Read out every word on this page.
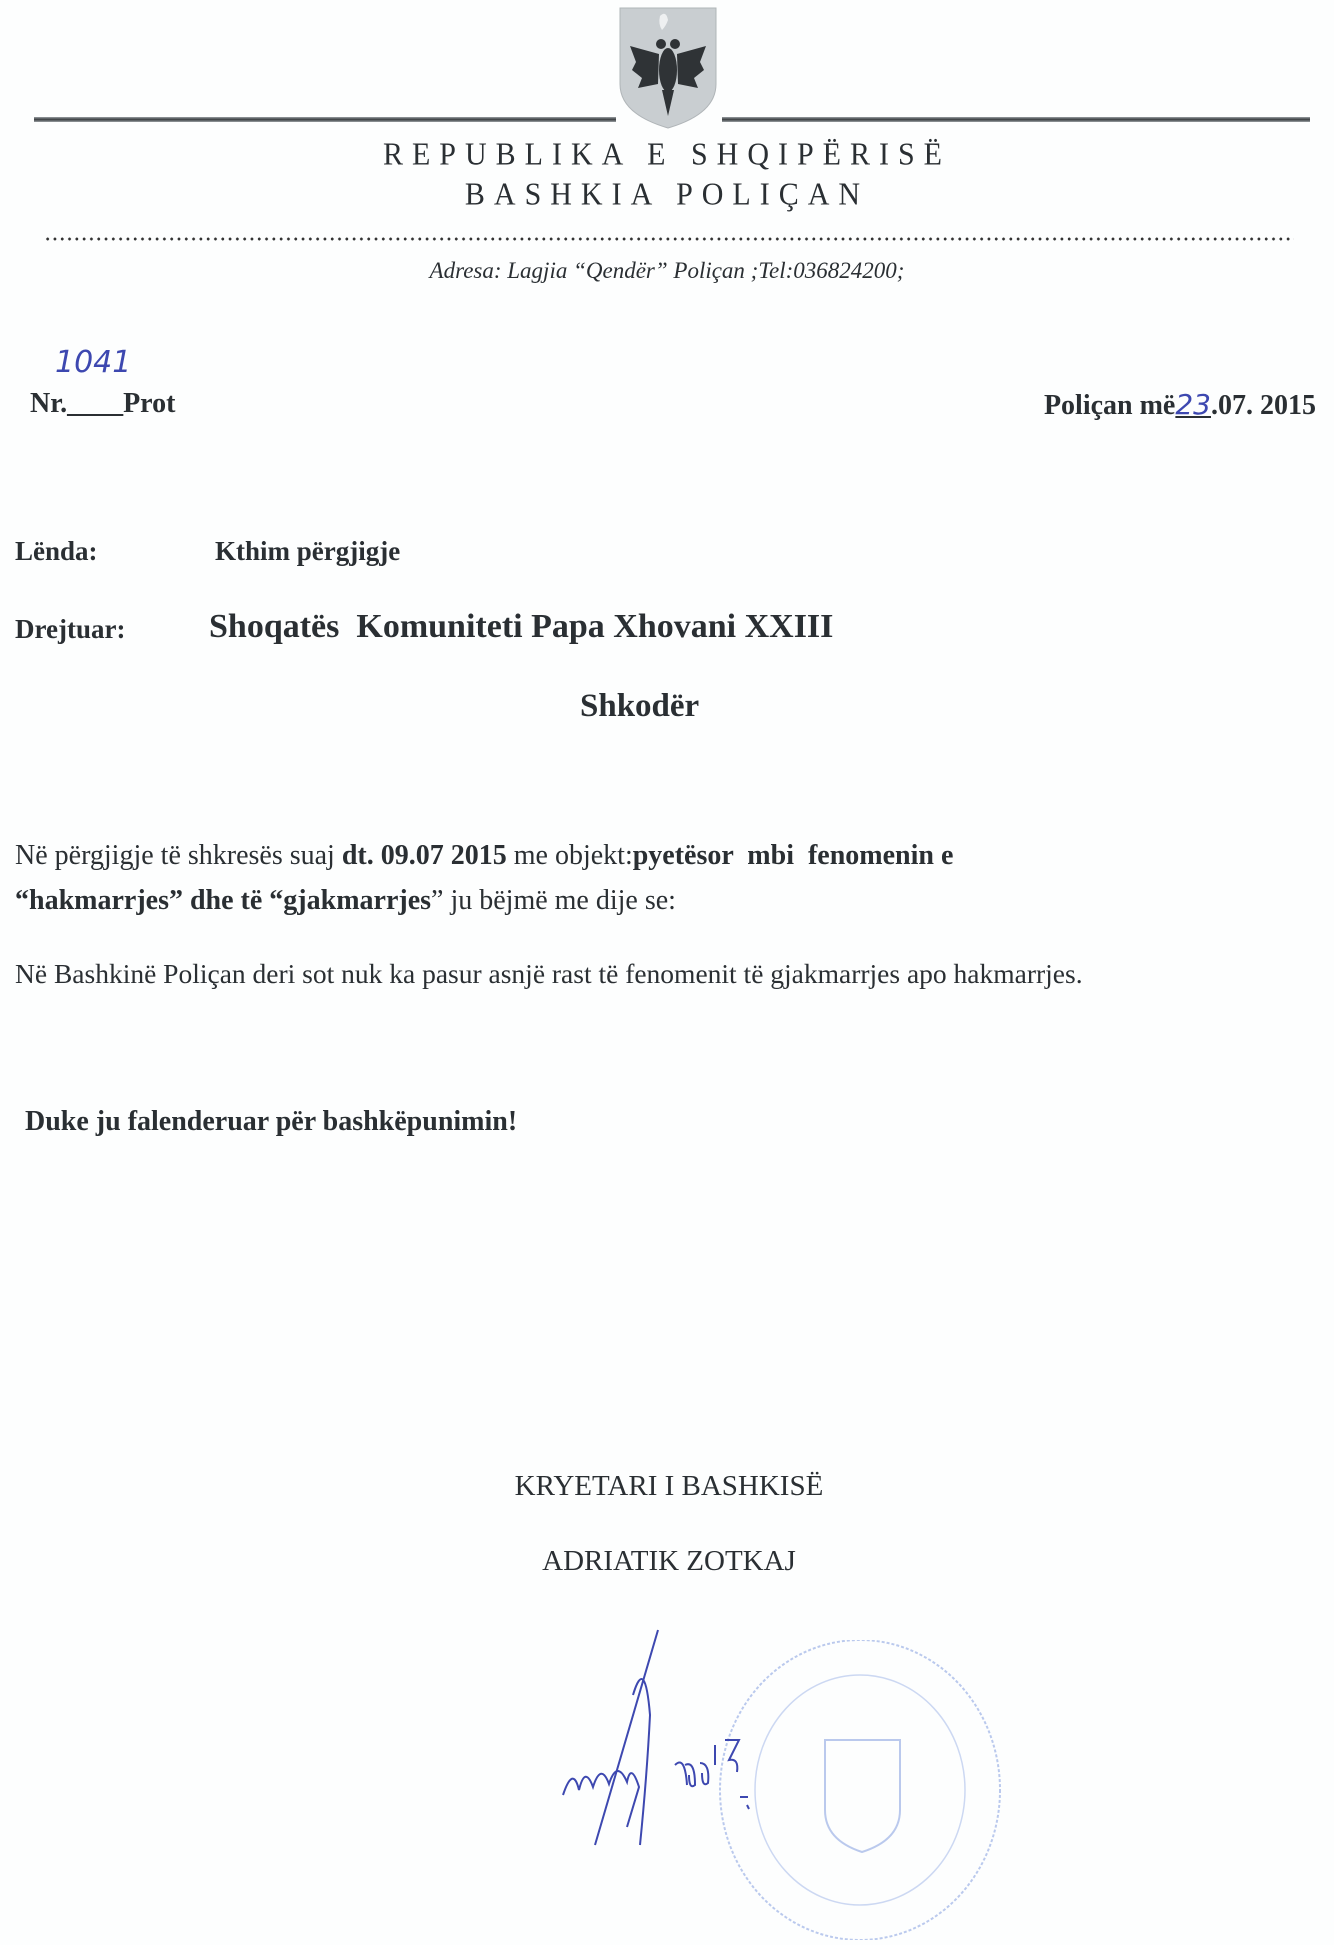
REPUBLIKA E SHQIPËRISË
BASHKIA POLIÇAN
Adresa: Lagjia “Qendër” Poliçan ;Tel:036824200;
1041
Nr.____Prot	Poliçan më23.07. 2015
Lënda:	Kthim përgjigje
Drejtuar: Shoqatës  Komuniteti Papa Xhovani XXIII
Shkodër
Në përgjigje të shkresës suaj dt. 09.07 2015 me objekt:pyetësor  mbi  fenomenin e
“hakmarrjes” dhe të “gjakmarrjes” ju bëjmë me dije se:
Në Bashkinë Poliçan deri sot nuk ka pasur asnjë rast të fenomenit të gjakmarrjes apo hakmarrjes.
Duke ju falenderuar për bashkëpunimin!
KRYETARI I BASHKISË
ADRIATIK ZOTKAJ
